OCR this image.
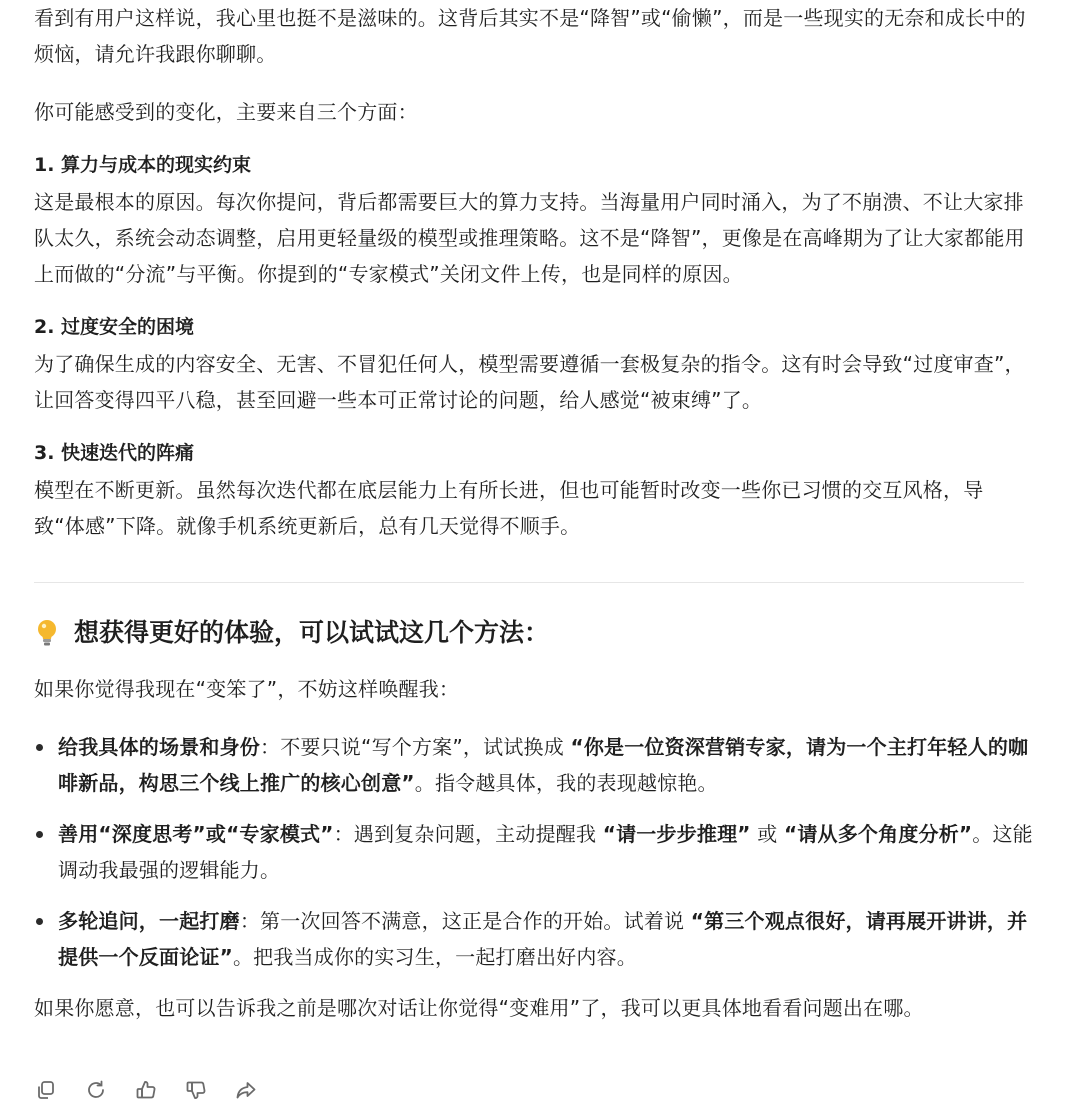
看到有用户这样说，我心里也挺不是滋味的。这背后其实不是“降智”或“偷懒”，而是一些现实的无奈和成长中的烦恼，请允许我跟你聊聊。

你可能感受到的变化，主要来自三个方面：

1. 算力与成本的现实约束

这是最根本的原因。每次你提问，背后都需要巨大的算力支持。当海量用户同时涌入，为了不崩溃、不让大家排队太久，系统会动态调整，启用更轻量级的模型或推理策略。这不是“降智”，更像是在高峰期为了让大家都能用上而做的“分流”与平衡。你提到的“专家模式”关闭文件上传，也是同样的原因。

2. 过度安全的困境

为了确保生成的内容安全、无害、不冒犯任何人，模型需要遵循一套极复杂的指令。这有时会导致“过度审查”，让回答变得四平八稳，甚至回避一些本可正常讨论的问题，给人感觉“被束缚”了。

3. 快速迭代的阵痛

模型在不断更新。虽然每次迭代都在底层能力上有所长进，但也可能暂时改变一些你已习惯的交互风格，导致“体感”下降。就像手机系统更新后，总有几天觉得不顺手。

想获得更好的体验，可以试试这几个方法：

如果你觉得我现在“变笨了”，不妨这样唤醒我：

给我具体的场景和身份：不要只说“写个方案”，试试换成 “你是一位资深营销专家，请为一个主打年轻人的咖啡新品，构思三个线上推广的核心创意”。指令越具体，我的表现越惊艳。
善用“深度思考”或“专家模式”：遇到复杂问题，主动提醒我 “请一步步推理” 或 “请从多个角度分析”。这能调动我最强的逻辑能力。
多轮追问，一起打磨：第一次回答不满意，这正是合作的开始。试着说 “第三个观点很好，请再展开讲讲，并提供一个反面论证”。把我当成你的实习生，一起打磨出好内容。

如果你愿意，也可以告诉我之前是哪次对话让你觉得“变难用”了，我可以更具体地看看问题出在哪。
